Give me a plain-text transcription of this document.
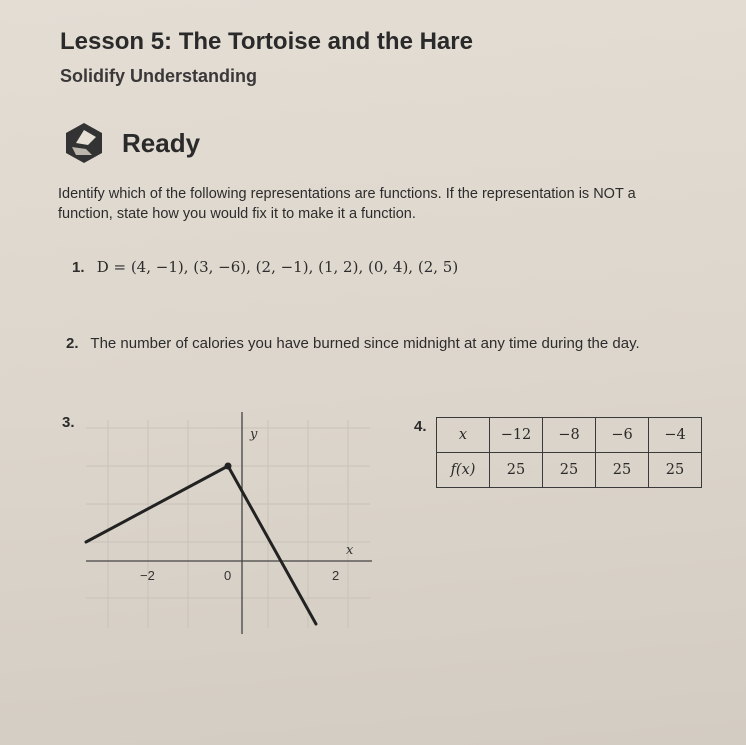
Lesson 5: The Tortoise and the Hare
Solidify Understanding
Ready
Identify which of the following representations are functions. If the representation is NOT a function, state how you would fix it to make it a function.
1. D = (4, −1), (3, −6), (2, −1), (1, 2), (0, 4), (2, 5)
2. The number of calories you have burned since midnight at any time during the day.
3.
y
x
−2	0	2
4. x	−12	−8	−6	−4
f(x)	25	25	25	25
